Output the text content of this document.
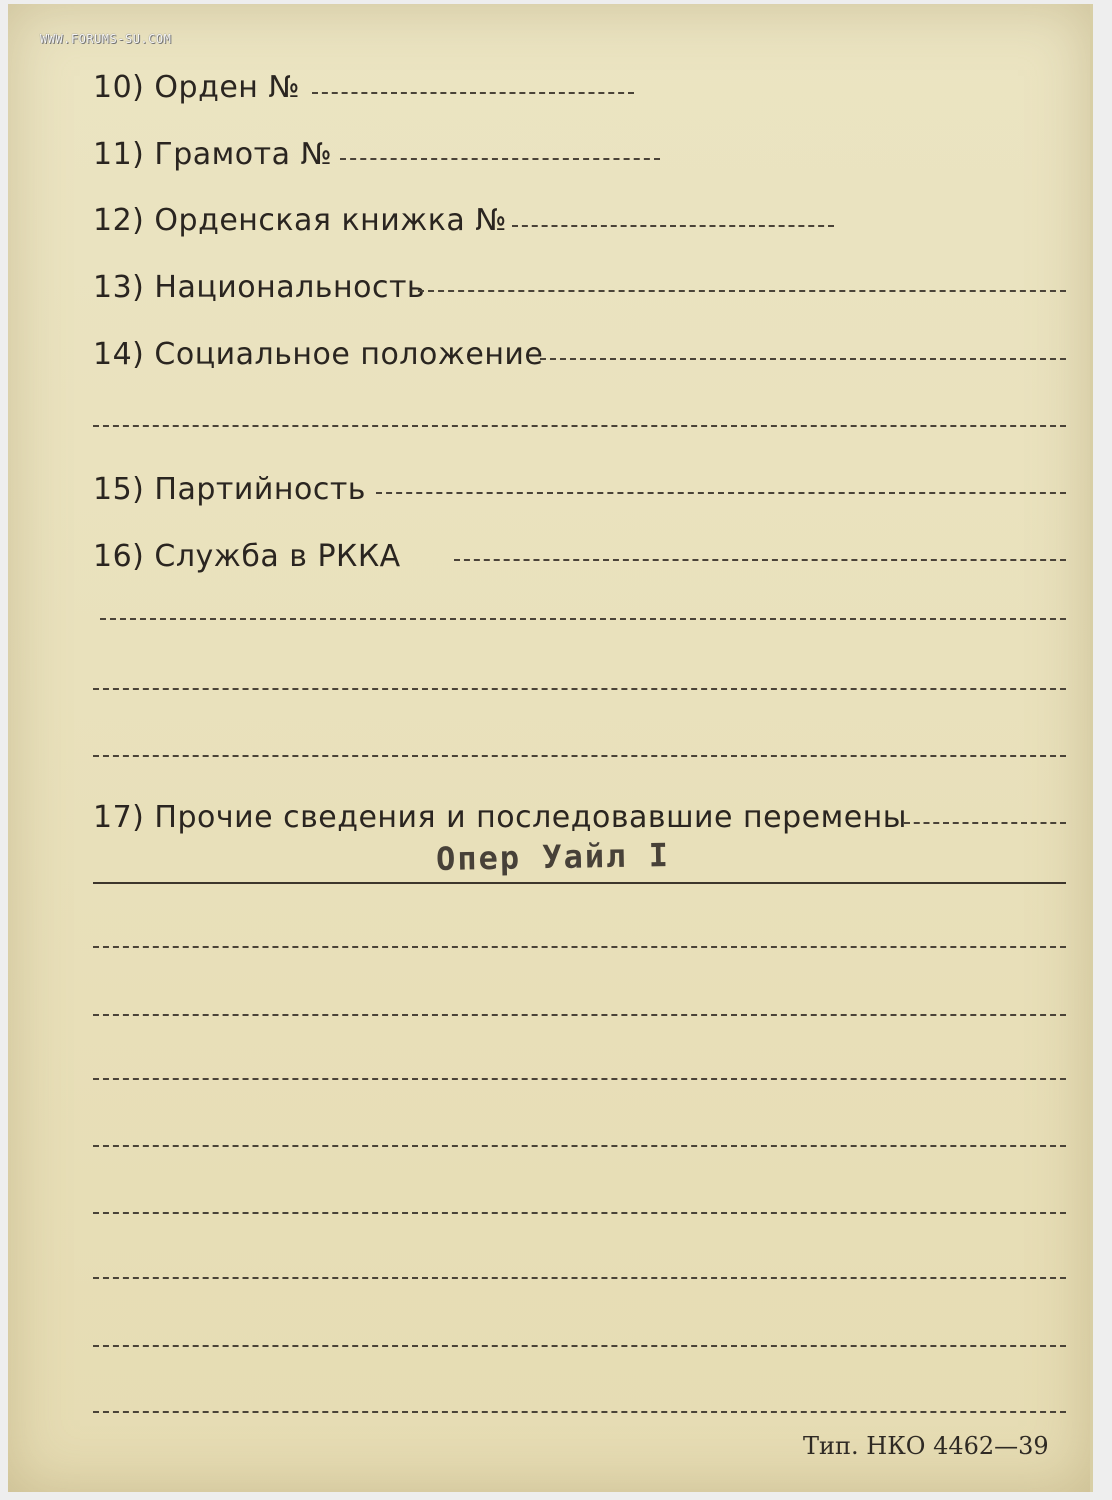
WWW.FORUMS-SU.COM
10) Орден №
11) Грамота №
12) Орденская книжка №
13) Национальность
14) Социальное положение
15) Партийность
16) Служба в РККА
17) Прочие сведения и последовавшие перемены
Опер Уайл I
Тип. НКО 4462—39
